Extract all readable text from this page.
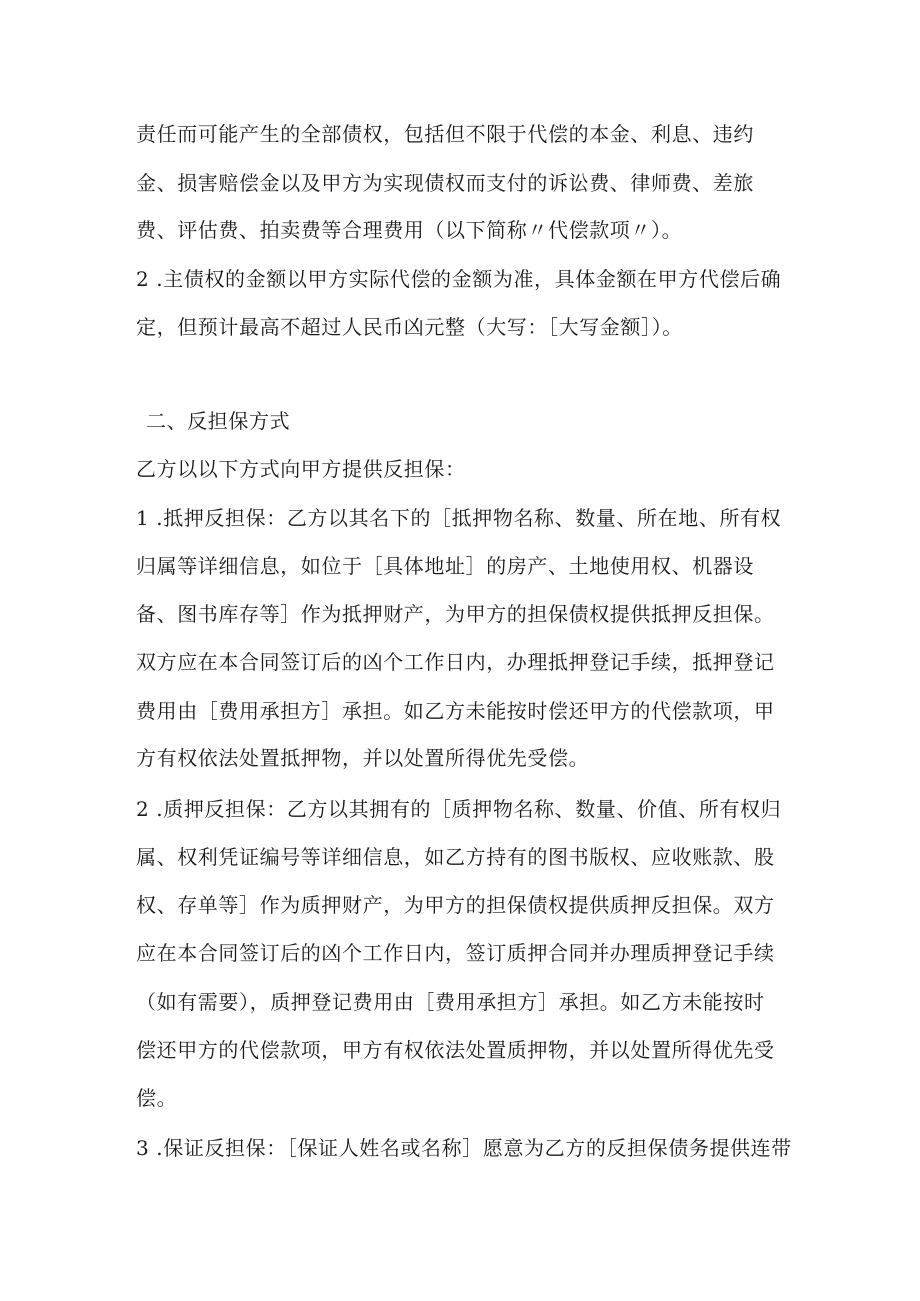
责任而可能产生的全部债权，包括但不限于代偿的本金、利息、违约
金、损害赔偿金以及甲方为实现债权而支付的诉讼费、律师费、差旅
费、评估费、拍卖费等合理费用（以下简称〃代偿款项〃）。
2 .主债权的金额以甲方实际代偿的金额为准，具体金额在甲方代偿后确
定，但预计最高不超过人民币凶元整（大写：［大写金额］）。
二、反担保方式
乙方以以下方式向甲方提供反担保：
1 .抵押反担保：乙方以其名下的［抵押物名称、数量、所在地、所有权
归属等详细信息，如位于［具体地址］的房产、土地使用权、机器设
备、图书库存等］作为抵押财产，为甲方的担保债权提供抵押反担保。
双方应在本合同签订后的凶个工作日内，办理抵押登记手续，抵押登记
费用由［费用承担方］承担。如乙方未能按时偿还甲方的代偿款项，甲
方有权依法处置抵押物，并以处置所得优先受偿。
2 .质押反担保：乙方以其拥有的［质押物名称、数量、价值、所有权归
属、权利凭证编号等详细信息，如乙方持有的图书版权、应收账款、股
权、存单等］作为质押财产，为甲方的担保债权提供质押反担保。双方
应在本合同签订后的凶个工作日内，签订质押合同并办理质押登记手续
（如有需要），质押登记费用由［费用承担方］承担。如乙方未能按时
偿还甲方的代偿款项，甲方有权依法处置质押物，并以处置所得优先受
偿。
3 .保证反担保：［保证人姓名或名称］愿意为乙方的反担保债务提供连带
